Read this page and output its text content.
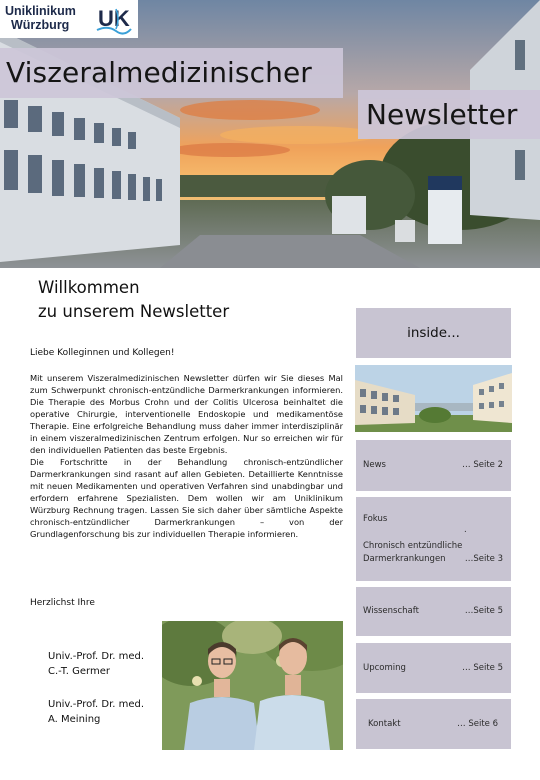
Uniklinikum
Würzburg UK
Viszeralmedizinischer
Newsletter
Willkommen
zu unserem Newsletter
Liebe Kolleginnen und Kollegen!

Mit unserem Viszeralmedizinischen Newsletter dürfen wir Sie dieses Mal zum Schwerpunkt chronisch-entzündliche Darmerkrankungen informieren. Die Therapie des Morbus Crohn und der Colitis Ulcerosa beinhaltet die operative Chirurgie, interventionelle Endoskopie und medikamentöse Therapie. Eine erfolgreiche Behandlung muss daher immer interdisziplinär in einem viszeralmedizinischen Zentrum erfolgen. Nur so erreichen wir für den individuellen Patienten das beste Ergebnis.

Die Fortschritte in der Behandlung chronisch-entzündlicher Darmerkrankungen sind rasant auf allen Gebieten. Detaillierte Kenntnisse mit neuen Medikamenten und operativen Verfahren sind unabdingbar und erfordern erfahrene Spezialisten. Dem wollen wir am Uniklinikum Würzburg Rechnung tragen. Lassen Sie sich daher über sämtliche Aspekte chronisch-entzündlicher Darmerkrankungen – von der Grundlagenforschung bis zur individuellen Therapie informieren.

Herzlichst Ihre
Univ.-Prof. Dr. med.
C.-T. Germer
Univ.-Prof. Dr. med.
A. Meining
inside...
News	… Seite 2
Fokus
.
Chronisch entzündliche
Darmerkrankungen …Seite 3
Wissenschaft	…Seite 5
Upcoming	… Seite 5
Kontakt	… Seite 6
